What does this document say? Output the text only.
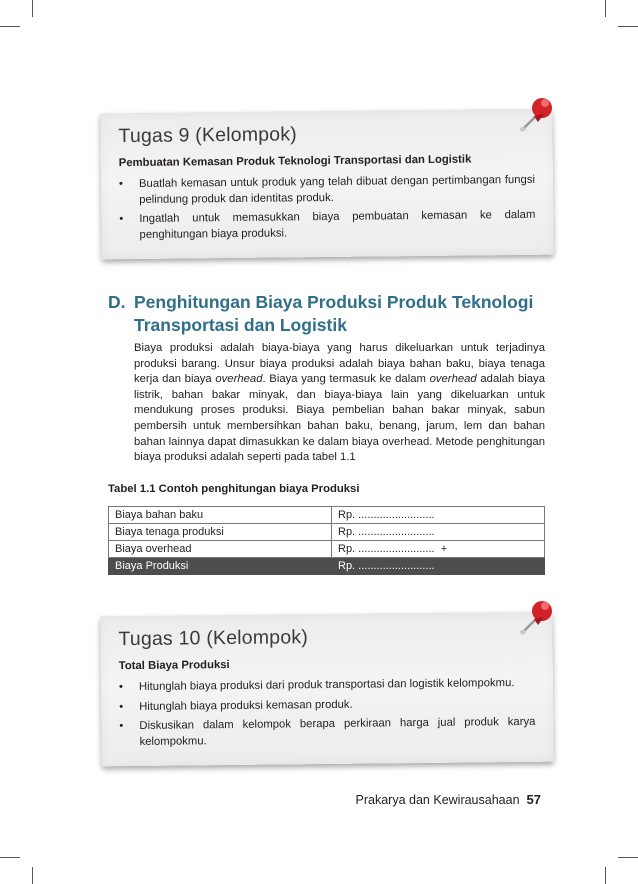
Tugas 9 (Kelompok)
Pembuatan Kemasan Produk Teknologi Transportasi dan Logistik
• Buatlah kemasan untuk produk yang telah dibuat dengan pertimbangan fungsi pelindung produk dan identitas produk.
• Ingatlah untuk memasukkan biaya pembuatan kemasan ke dalam penghitungan biaya produksi.
D. Penghitungan Biaya Produksi Produk Teknologi
Transportasi dan Logistik
Biaya produksi adalah biaya-biaya yang harus dikeluarkan untuk terjadinya produksi barang. Unsur biaya produksi adalah biaya bahan baku, biaya tenaga kerja dan biaya overhead. Biaya yang termasuk ke dalam overhead adalah biaya listrik, bahan bakar minyak, dan biaya-biaya lain yang dikeluarkan untuk mendukung proses produksi. Biaya pembelian bahan bakar minyak, sabun pembersih untuk membersihkan bahan baku, benang, jarum, lem dan bahan bahan lainnya dapat dimasukkan ke dalam biaya overhead. Metode penghitungan biaya produksi adalah seperti pada tabel 1.1
Tabel 1.1 Contoh penghitungan biaya Produksi
Biaya bahan baku	Rp. .........................
Biaya tenaga produksi	Rp. .........................
Biaya overhead	Rp. .........................  +
Biaya Produksi	Rp. .........................
Tugas 10 (Kelompok)
Total Biaya Produksi
• Hitunglah biaya produksi dari produk transportasi dan logistik kelompokmu.
• Hitunglah biaya produksi kemasan produk.
• Diskusikan dalam kelompok berapa perkiraan harga jual produk karya kelompokmu.
Prakarya dan Kewirausahaan 57
